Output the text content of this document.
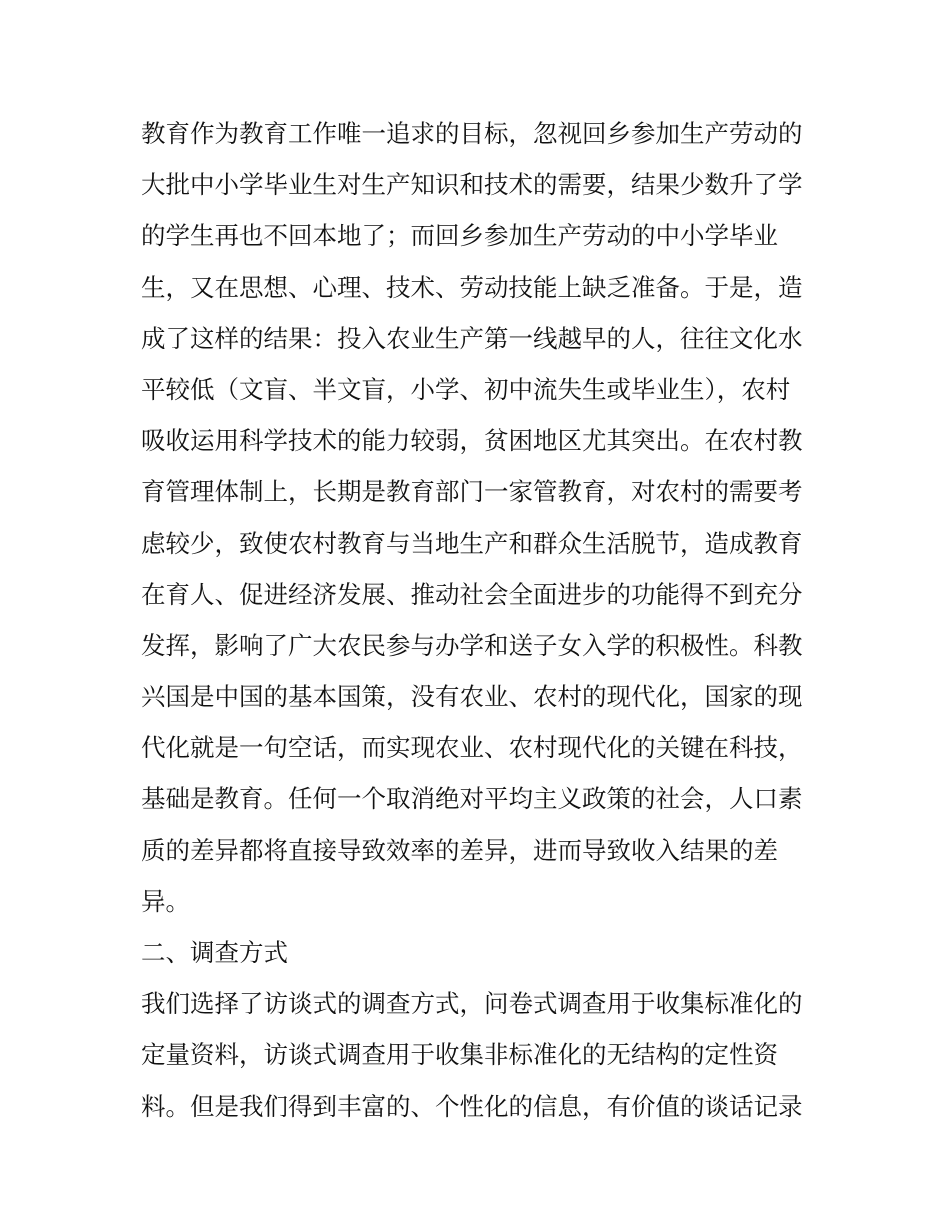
教育作为教育工作唯一追求的目标，忽视回乡参加生产劳动的
大批中小学毕业生对生产知识和技术的需要，结果少数升了学
的学生再也不回本地了；而回乡参加生产劳动的中小学毕业
生，又在思想、心理、技术、劳动技能上缺乏准备。于是，造
成了这样的结果：投入农业生产第一线越早的人，往往文化水
平较低（文盲、半文盲，小学、初中流失生或毕业生），农村
吸收运用科学技术的能力较弱，贫困地区尤其突出。在农村教
育管理体制上，长期是教育部门一家管教育，对农村的需要考
虑较少，致使农村教育与当地生产和群众生活脱节，造成教育
在育人、促进经济发展、推动社会全面进步的功能得不到充分
发挥，影响了广大农民参与办学和送子女入学的积极性。科教
兴国是中国的基本国策，没有农业、农村的现代化，国家的现
代化就是一句空话，而实现农业、农村现代化的关键在科技，
基础是教育。任何一个取消绝对平均主义政策的社会，人口素
质的差异都将直接导致效率的差异，进而导致收入结果的差
异。
二、调查方式
我们选择了访谈式的调查方式，问卷式调查用于收集标准化的
定量资料，访谈式调查用于收集非标准化的无结构的定性资
料。但是我们得到丰富的、个性化的信息，有价值的谈话记录
